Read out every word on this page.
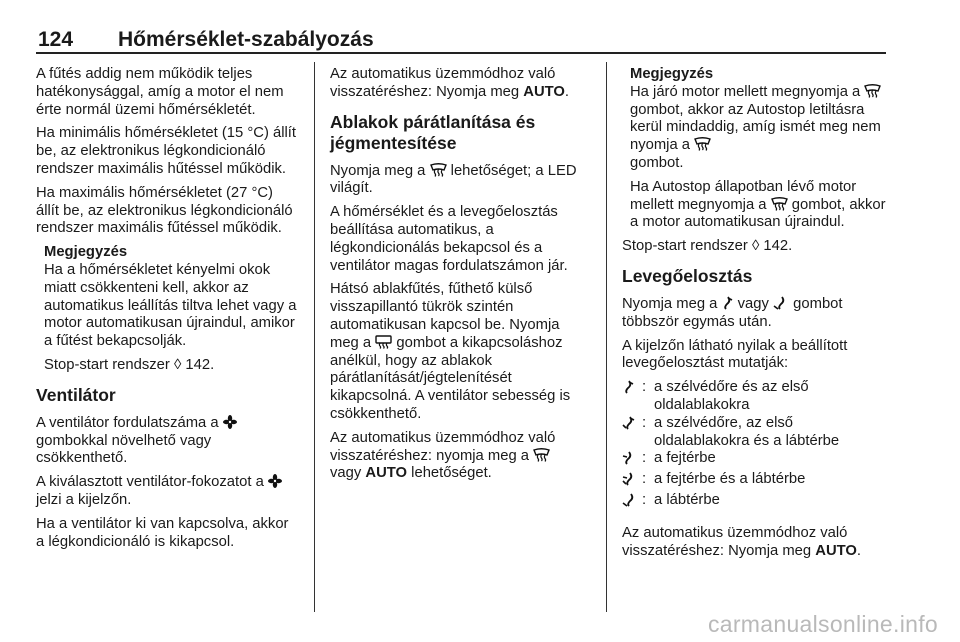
124 Hőmérséklet-szabályozás

A fűtés addig nem működik teljes hatékonysággal, amíg a motor el nem érte normál üzemi hőmérsékletét.

Ha minimális hőmérsékletet (15 °C) állít be, az elektronikus légkondicionáló rendszer maximális hűtéssel működik.

Ha maximális hőmérsékletet (27 °C) állít be, az elektronikus légkondicionáló rendszer maximális fűtéssel működik.

Megjegyzés

Ha a hőmérsékletet kényelmi okok miatt csökkenteni kell, akkor az automatikus leállítás tiltva lehet vagy a motor automatikusan újraindul, amikor a fűtést bekapcsolják.

Stop-start rendszer ◊ 142.

Ventilátor

A ventilátor fordulatszáma a
gombokkal növelhető vagy csökkenthető.

A kiválasztott ventilátor-fokozatot a
jelzi a kijelzőn.

Ha a ventilátor ki van kapcsolva, akkor a légkondicionáló is kikapcsol.

Az automatikus üzemmódhoz való visszatéréshez: Nyomja meg AUTO.

Ablakok párátlanítása és jégmentesítése

Nyomja meg a lehetőséget; a LED világít.

A hőmérséklet és a levegőelosztás beállítása automatikus, a légkondicionálás bekapcsol és a ventilátor magas fordulatszámon jár.

Hátsó ablakfűtés, fűthető külső visszapillantó tükrök szintén automatikusan kapcsol be. Nyomja meg a gombot a kikapcsoláshoz anélkül, hogy az ablakok párátlanítását/jégtelenítését kikapcsolná. A ventilátor sebesség is csökkenthető.

Az automatikus üzemmódhoz való visszatéréshez: nyomja meg a

vagy AUTO lehetőséget.

Megjegyzés

Ha járó motor mellett megnyomja a
gombot, akkor az Autostop letiltásra kerül mindaddig, amíg ismét meg nem nyomja a

gombot.

Ha Autostop állapotban lévő motor mellett megnyomja a gombot, akkor a motor automatikusan újraindul.

Stop-start rendszer ◊ 142.

Levegőelosztás

Nyomja meg a vagy gombot többször egymás után.

A kijelzőn látható nyilak a beállított levegőelosztást mutatják:

: a szélvédőre és az első oldalablakokra
: a szélvédőre, az első oldalablakokra és a lábtérbe
: a fejtérbe
: a fejtérbe és a lábtérbe
: a lábtérbe

Az automatikus üzemmódhoz való visszatéréshez: Nyomja meg AUTO.

carmanualsonline.info
